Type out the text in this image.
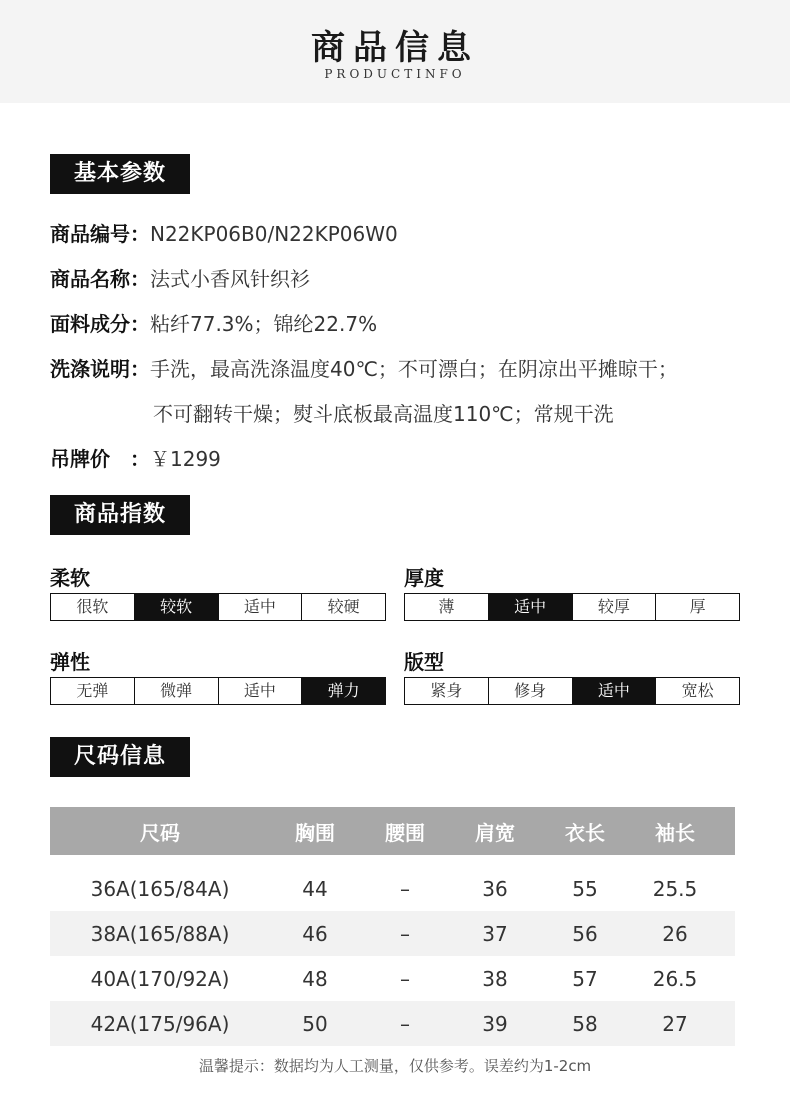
商品信息
PRODUCTINFO
基本参数
商品编号：N22KP06B0/N22KP06W0
商品名称：法式小香风针织衫
面料成分：粘纤77.3%；锦纶22.7%
洗涤说明：手洗，最高洗涤温度40℃；不可漂白；在阴凉出平摊晾干；
不可翻转干燥；熨斗底板最高温度110℃；常规干洗
吊牌价　：￥1299
商品指数
柔软
很软	较软	适中	较硬
厚度
薄	适中	较厚	厚
弹性
无弹	微弹	适中	弹力
版型
紧身	修身	适中	宽松
尺码信息
尺码	胸围	腰围	肩宽	衣长	袖长
36A(165/84A)	44	–	36	55	25.5
38A(165/88A)	46	–	37	56	26
40A(170/92A)	48	–	38	57	26.5
42A(175/96A)	50	–	39	58	27
温馨提示：数据均为人工测量，仅供参考。误差约为1-2cm
